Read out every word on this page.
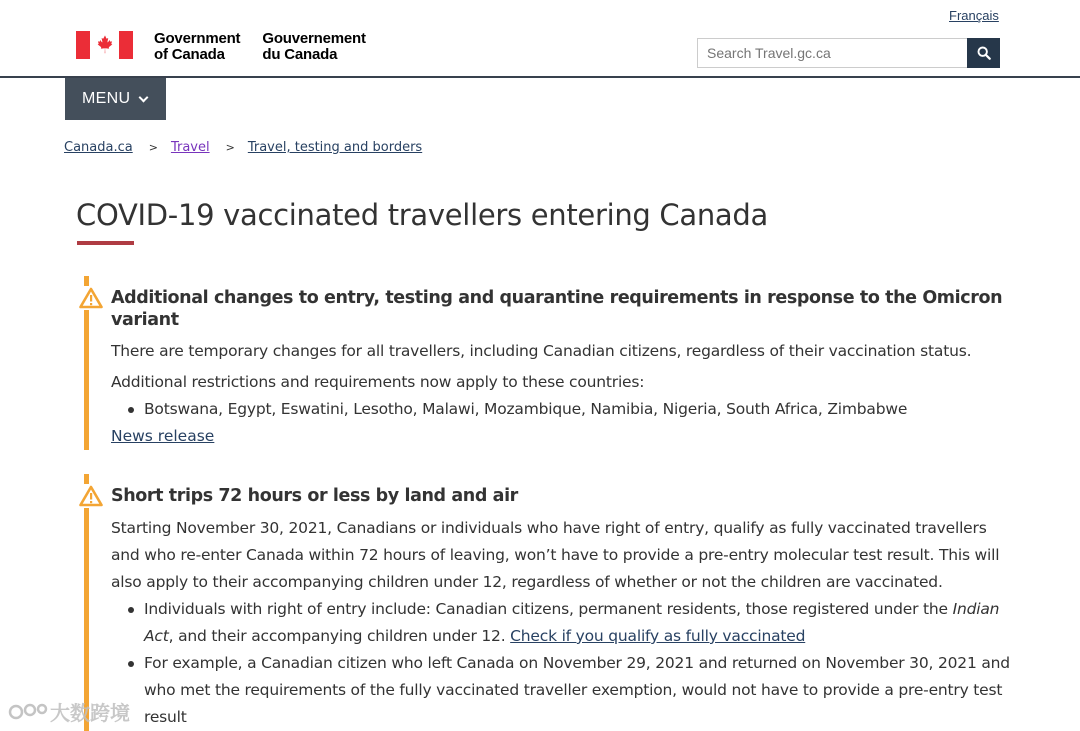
Français
Government
of Canada
Gouvernement
du Canada
Search Travel.gc.ca
MENU
Canada.ca > Travel > Travel, testing and borders
COVID-19 vaccinated travellers entering Canada
Additional changes to entry, testing and quarantine requirements in response to the Omicron variant

There are temporary changes for all travellers, including Canadian citizens, regardless of their vaccination status.

Additional restrictions and requirements now apply to these countries:

Botswana, Egypt, Eswatini, Lesotho, Malawi, Mozambique, Namibia, Nigeria, South Africa, Zimbabwe
News release
Short trips 72 hours or less by land and air

Starting November 30, 2021, Canadians or individuals who have right of entry, qualify as fully vaccinated travellers and who re-enter Canada within 72 hours of leaving, won’t have to provide a pre-entry molecular test result. This will also apply to their accompanying children under 12, regardless of whether or not the children are vaccinated.

Individuals with right of entry include: Canadian citizens, permanent residents, those registered under the Indian Act, and their accompanying children under 12. Check if you qualify as fully vaccinated
For example, a Canadian citizen who left Canada on November 29, 2021 and returned on November 30, 2021 and who met the requirements of the fully vaccinated traveller exemption, would not have to provide a pre-entry test result
大数跨境
